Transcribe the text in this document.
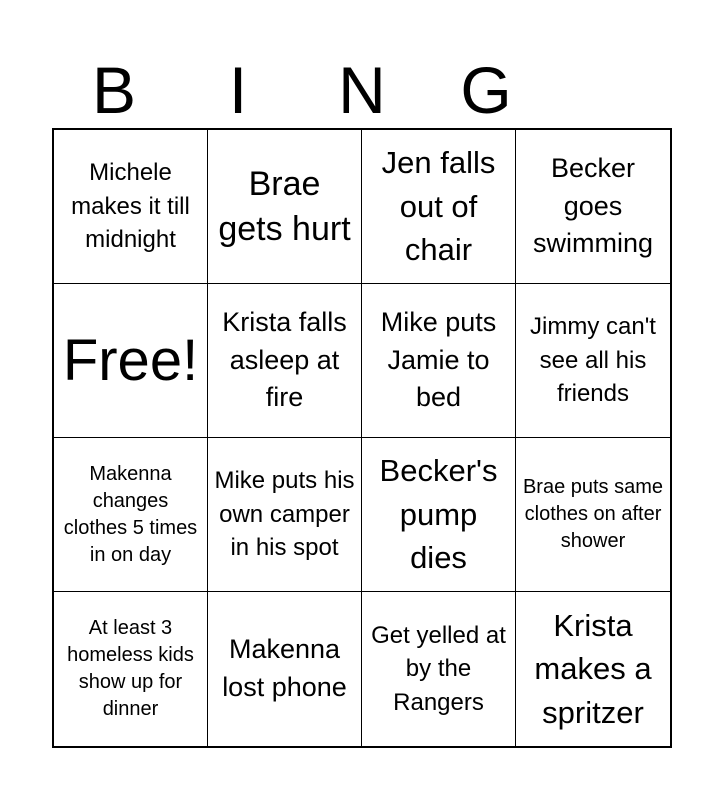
B	I	N	G
Michele makes it till midnight
Brae gets hurt
Jen falls out of chair
Becker goes swimming
Free!
Krista falls asleep at fire
Mike puts Jamie to bed
Jimmy can't see all his friends
Makenna changes clothes 5 times in on day
Mike puts his own camper in his spot
Becker's pump dies
Brae puts same clothes on after shower
At least 3 homeless kids show up for dinner
Makenna lost phone
Get yelled at by the Rangers
Krista makes a spritzer
